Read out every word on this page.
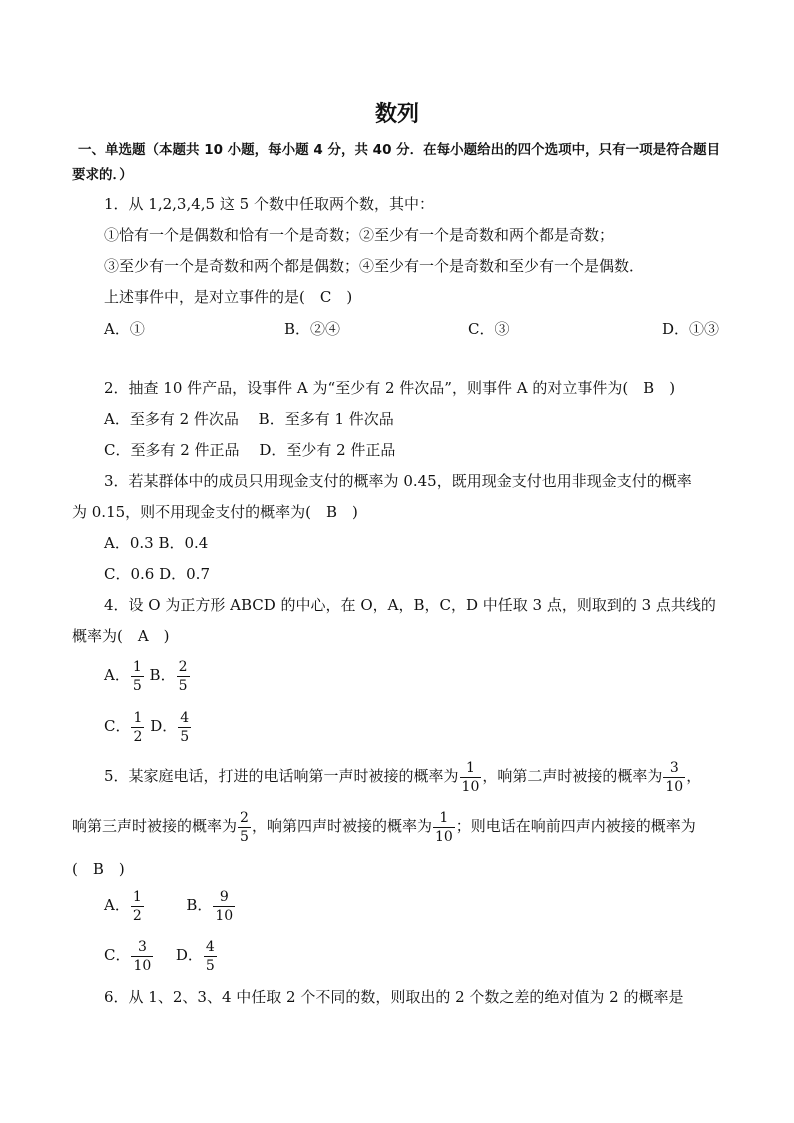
数列
一、单选题（本题共 10 小题，每小题 4 分，共 40 分．在每小题给出的四个选项中，只有一项是符合题目
要求的．）
1．从 1,2,3,4,5 这 5 个数中任取两个数，其中：
①恰有一个是偶数和恰有一个是奇数；②至少有一个是奇数和两个都是奇数；
③至少有一个是奇数和两个都是偶数；④至少有一个是奇数和至少有一个是偶数．
上述事件中，是对立事件的是(　C　)
A．①	B．②④	C．③	D．①③
2．抽查 10 件产品，设事件 A 为“至少有 2 件次品”，则事件 A 的对立事件为(　B　)
A．至多有 2 件次品　 B．至多有 1 件次品
C．至多有 2 件正品　 D．至少有 2 件正品
3．若某群体中的成员只用现金支付的概率为 0.45，既用现金支付也用非现金支付的概率
为 0.15，则不用现金支付的概率为(　B　)
A．0.3 B．0.4
C．0.6 D．0.7
4．设 O 为正方形 ABCD 的中心，在 O，A，B，C，D 中任取 3 点，则取到的 3 点共线的
概率为(　A　)
A． $\frac{1}{5}$ B． $\frac{2}{5}$
C． $\frac{1}{2}$ D． $\frac{4}{5}$
5．某家庭电话，打进的电话响第一声时被接的概率为 $\frac{1}{10}$ ，响第二声时被接的概率为 $\frac{3}{10}$ ，
响第三声时被接的概率为 $\frac{2}{5}$ ，响第四声时被接的概率为 $\frac{1}{10}$ ；则电话在响前四声内被接的概率为
(　B　)
A． $\frac{1}{2}$	B． $\frac{9}{10}$
C． $\frac{3}{10}$ D． $\frac{4}{5}$
6．从 1、2、3、4 中任取 2 个不同的数，则取出的 2 个数之差的绝对值为 2 的概率是
